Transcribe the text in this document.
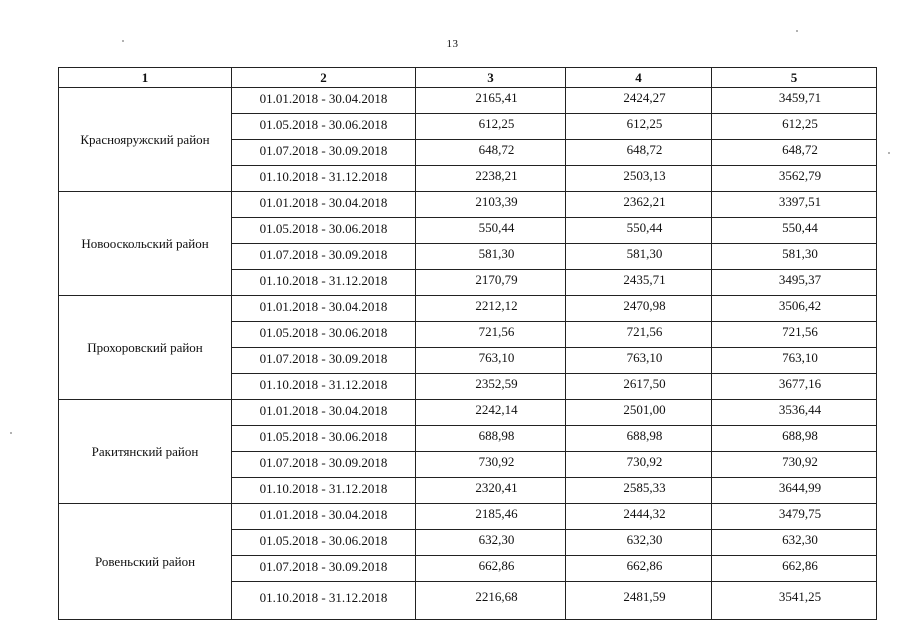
13
1	2	3	4	5
Краснояружский район	01.01.2018 - 30.04.2018	2165,41	2424,27	3459,71
	01.05.2018 - 30.06.2018	612,25	612,25	612,25
	01.07.2018 - 30.09.2018	648,72	648,72	648,72
	01.10.2018 - 31.12.2018	2238,21	2503,13	3562,79
Новооскольский район	01.01.2018 - 30.04.2018	2103,39	2362,21	3397,51
	01.05.2018 - 30.06.2018	550,44	550,44	550,44
	01.07.2018 - 30.09.2018	581,30	581,30	581,30
	01.10.2018 - 31.12.2018	2170,79	2435,71	3495,37
Прохоровский район	01.01.2018 - 30.04.2018	2212,12	2470,98	3506,42
	01.05.2018 - 30.06.2018	721,56	721,56	721,56
	01.07.2018 - 30.09.2018	763,10	763,10	763,10
	01.10.2018 - 31.12.2018	2352,59	2617,50	3677,16
Ракитянский район	01.01.2018 - 30.04.2018	2242,14	2501,00	3536,44
	01.05.2018 - 30.06.2018	688,98	688,98	688,98
	01.07.2018 - 30.09.2018	730,92	730,92	730,92
	01.10.2018 - 31.12.2018	2320,41	2585,33	3644,99
Ровеньский район	01.01.2018 - 30.04.2018	2185,46	2444,32	3479,75
	01.05.2018 - 30.06.2018	632,30	632,30	632,30
	01.07.2018 - 30.09.2018	662,86	662,86	662,86
	01.10.2018 - 31.12.2018	2216,68	2481,59	3541,25
